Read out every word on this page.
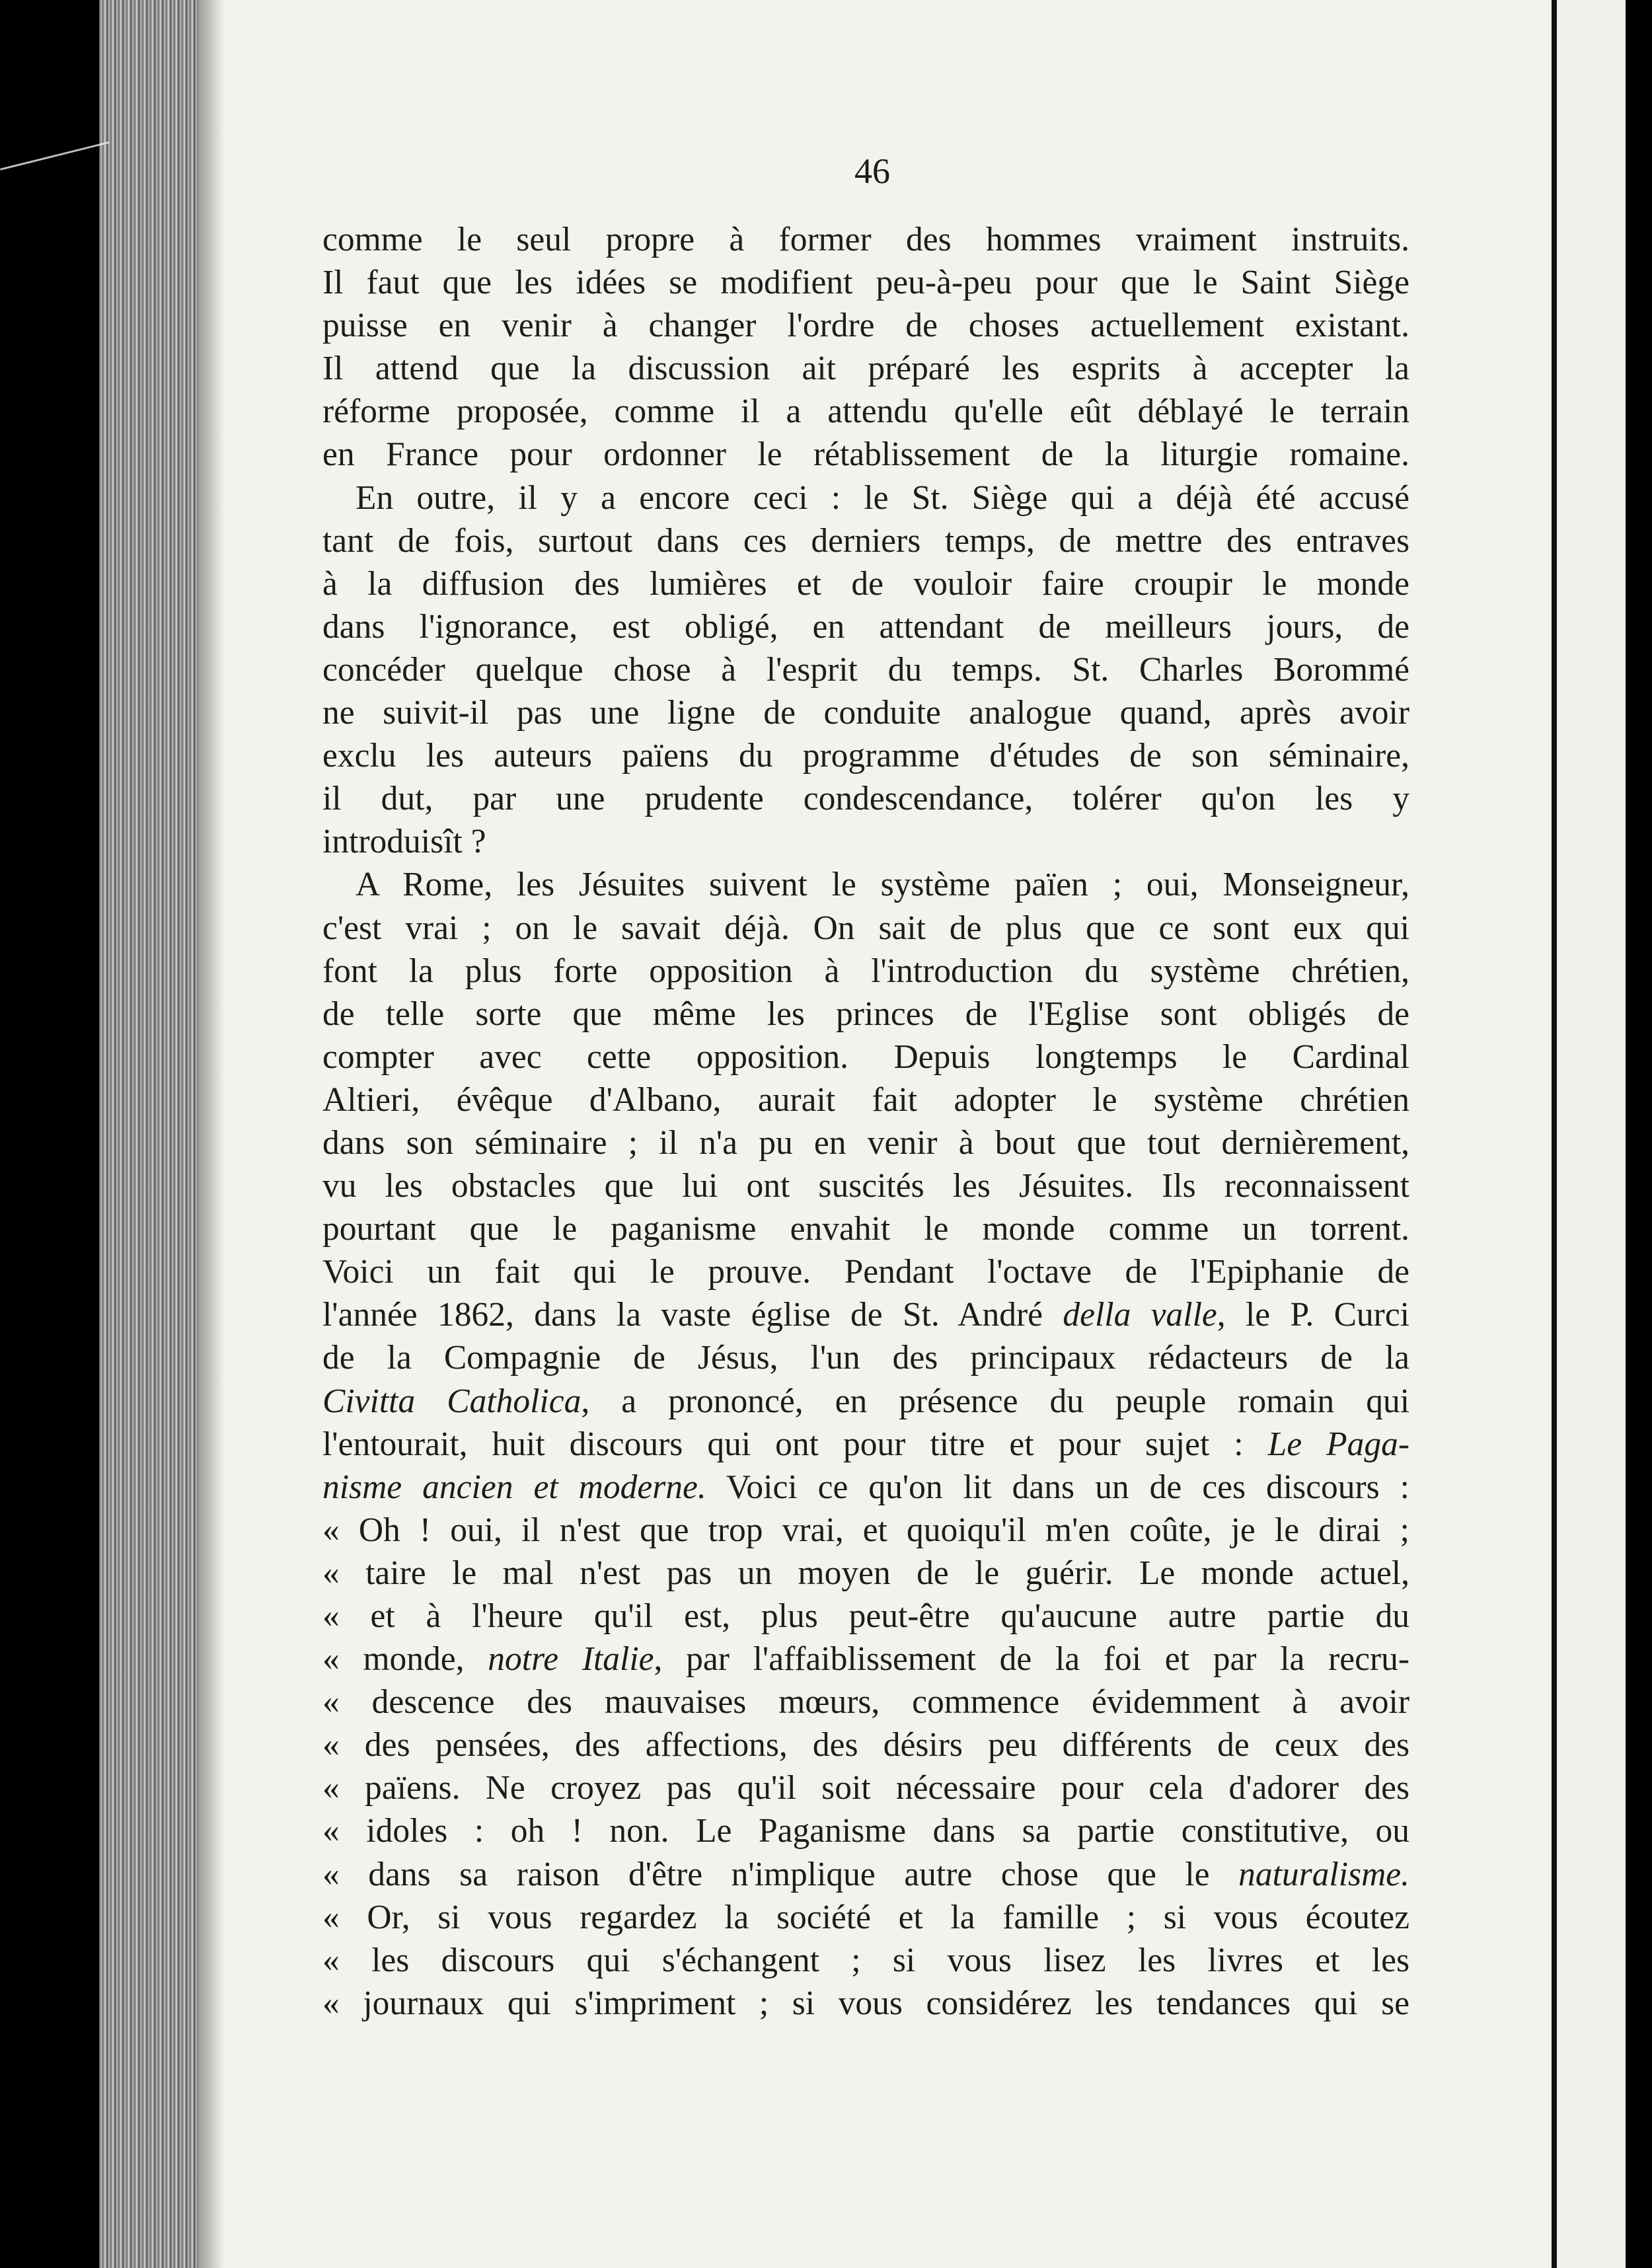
46
comme le seul propre à former des hommes vraiment instruits.
Il faut que les idées se modifient peu-à-peu pour que le Saint Siège
puisse en venir à changer l'ordre de choses actuellement existant.
Il attend que la discussion ait préparé les esprits à accepter la
réforme proposée, comme il a attendu qu'elle eût déblayé le terrain
en France pour ordonner le rétablissement de la liturgie romaine.
En outre, il y a encore ceci : le St. Siège qui a déjà été accusé
tant de fois, surtout dans ces derniers temps, de mettre des entraves
à la diffusion des lumières et de vouloir faire croupir le monde
dans l'ignorance, est obligé, en attendant de meilleurs jours, de
concéder quelque chose à l'esprit du temps. St. Charles Borommé
ne suivit-il pas une ligne de conduite analogue quand, après avoir
exclu les auteurs païens du programme d'études de son séminaire,
il dut, par une prudente condescendance, tolérer qu'on les y
introduisît ?
A Rome, les Jésuites suivent le système païen ; oui, Monseigneur,
c'est vrai ; on le savait déjà. On sait de plus que ce sont eux qui
font la plus forte opposition à l'introduction du système chrétien,
de telle sorte que même les princes de l'Eglise sont obligés de
compter avec cette opposition. Depuis longtemps le Cardinal
Altieri, évêque d'Albano, aurait fait adopter le système chrétien
dans son séminaire ; il n'a pu en venir à bout que tout dernièrement,
vu les obstacles que lui ont suscités les Jésuites. Ils reconnaissent
pourtant que le paganisme envahit le monde comme un torrent.
Voici un fait qui le prouve. Pendant l'octave de l'Epiphanie de
l'année 1862, dans la vaste église de St. André della valle, le P. Curci
de la Compagnie de Jésus, l'un des principaux rédacteurs de la
Civitta Catholica, a prononcé, en présence du peuple romain qui
l'entourait, huit discours qui ont pour titre et pour sujet : Le Paga-
nisme ancien et moderne. Voici ce qu'on lit dans un de ces discours :
« Oh ! oui, il n'est que trop vrai, et quoiqu'il m'en coûte, je le dirai ;
« taire le mal n'est pas un moyen de le guérir. Le monde actuel,
« et à l'heure qu'il est, plus peut-être qu'aucune autre partie du
« monde, notre Italie, par l'affaiblissement de la foi et par la recru-
« descence des mauvaises mœurs, commence évidemment à avoir
« des pensées, des affections, des désirs peu différents de ceux des
« païens. Ne croyez pas qu'il soit nécessaire pour cela d'adorer des
« idoles : oh ! non. Le Paganisme dans sa partie constitutive, ou
« dans sa raison d'être n'implique autre chose que le naturalisme.
« Or, si vous regardez la société et la famille ; si vous écoutez
« les discours qui s'échangent ; si vous lisez les livres et les
« journaux qui s'impriment ; si vous considérez les tendances qui se
